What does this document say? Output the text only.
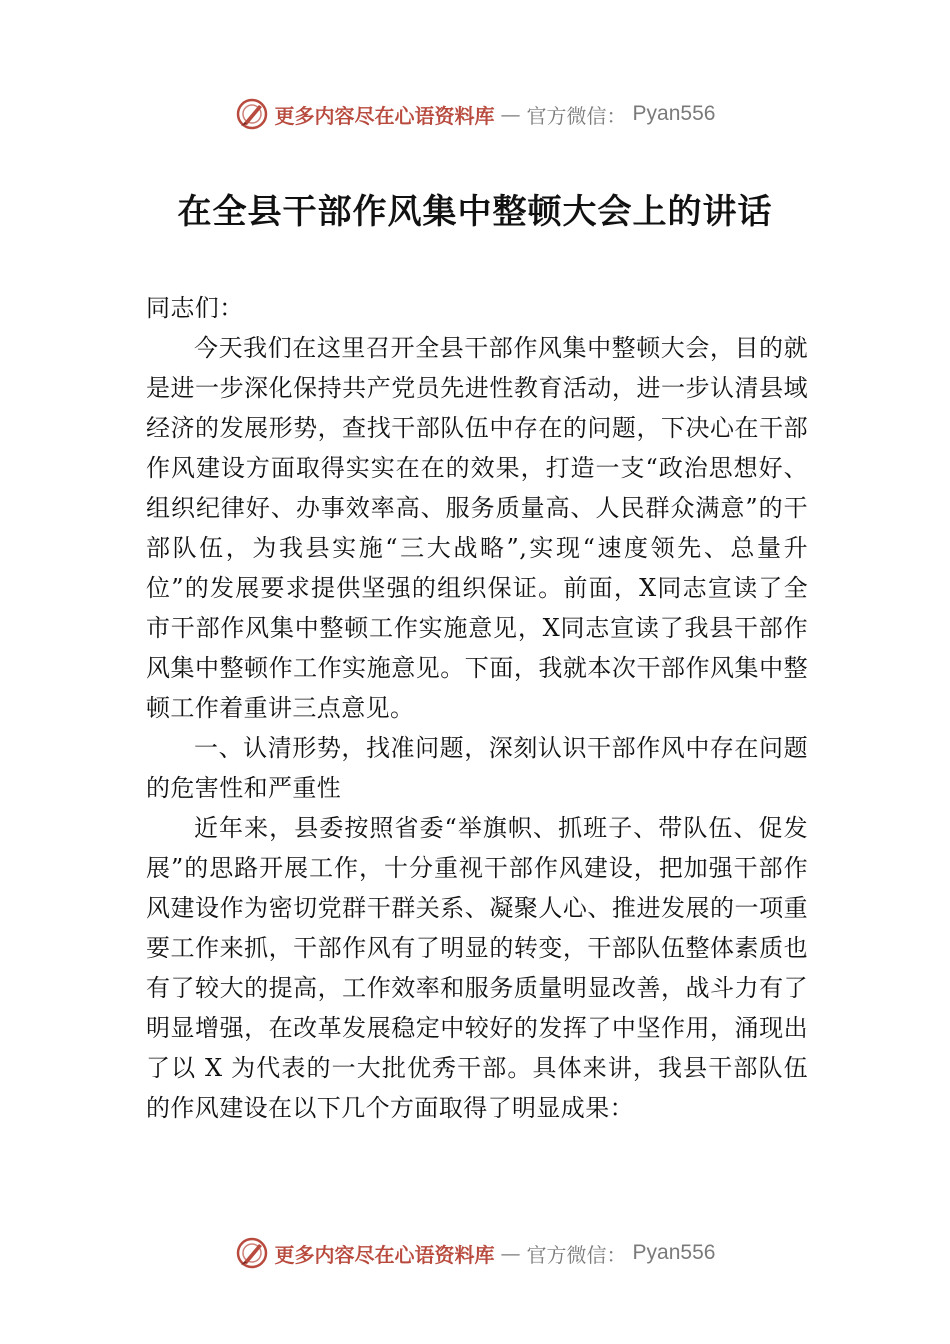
更多内容尽在心语资料库 — 官方微信： Pyan556
在全县干部作风集中整顿大会上的讲话

同志们：

今天我们在这里召开全县干部作风集中整顿大会，目的就是进一步深化保持共产党员先进性教育活动，进一步认清县域经济的发展形势，查找干部队伍中存在的问题，下决心在干部作风建设方面取得实实在在的效果，打造一支“政治思想好、组织纪律好、办事效率高、服务质量高、人民群众满意”的干部队伍，为我县实施“三大战略”,实现“速度领先、总量升位”的发展要求提供坚强的组织保证。前面，X同志宣读了全市干部作风集中整顿工作实施意见，X同志宣读了我县干部作风集中整顿作工作实施意见。下面，我就本次干部作风集中整顿工作着重讲三点意见。

一、认清形势，找准问题，深刻认识干部作风中存在问题的危害性和严重性

近年来，县委按照省委“举旗帜、抓班子、带队伍、促发展”的思路开展工作，十分重视干部作风建设，把加强干部作风建设作为密切党群干群关系、凝聚人心、推进发展的一项重要工作来抓，干部作风有了明显的转变，干部队伍整体素质也有了较大的提高，工作效率和服务质量明显改善，战斗力有了明显增强，在改革发展稳定中较好的发挥了中坚作用，涌现出了以 X 为代表的一大批优秀干部。具体来讲，我县干部队伍的作风建设在以下几个方面取得了明显成果：

更多内容尽在心语资料库 — 官方微信： Pyan556
